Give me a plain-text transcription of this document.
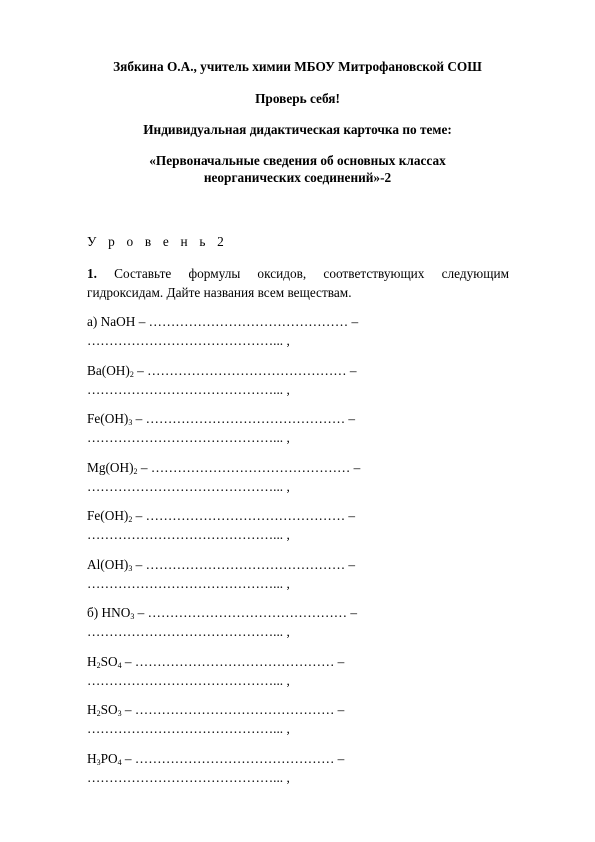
Зябкина О.А., учитель химии МБОУ Митрофановской СОШ
Проверь себя!
Индивидуальная дидактическая карточка по теме:
«Первоначальные сведения об основных классах неорганических соединений»-2
У р о в е н ь 2
1. Составьте формулы оксидов, соответствующих следующим гидроксидам. Дайте названия всем веществам.
а) NaOH – ……………………………………… –
……………………………………... ,
$Ba(OH)_2$ – ……………………………………… –
……………………………………... ,
$Fe(OH)_3$ – ……………………………………… –
……………………………………... ,
$Mg(OH)_2$ – ……………………………………… –
……………………………………... ,
$Fe(OH)_2$ – ……………………………………… –
……………………………………... ,
$Al(OH)_3$ – ……………………………………… –
……………………………………... ,
б) $HNO_3$ – ……………………………………… –
……………………………………... ,
$H_2SO_4$ – ……………………………………… –
……………………………………... ,
$H_2SO_3$ – ……………………………………… –
……………………………………... ,
$H_3PO_4$ – ……………………………………… –
……………………………………... ,
